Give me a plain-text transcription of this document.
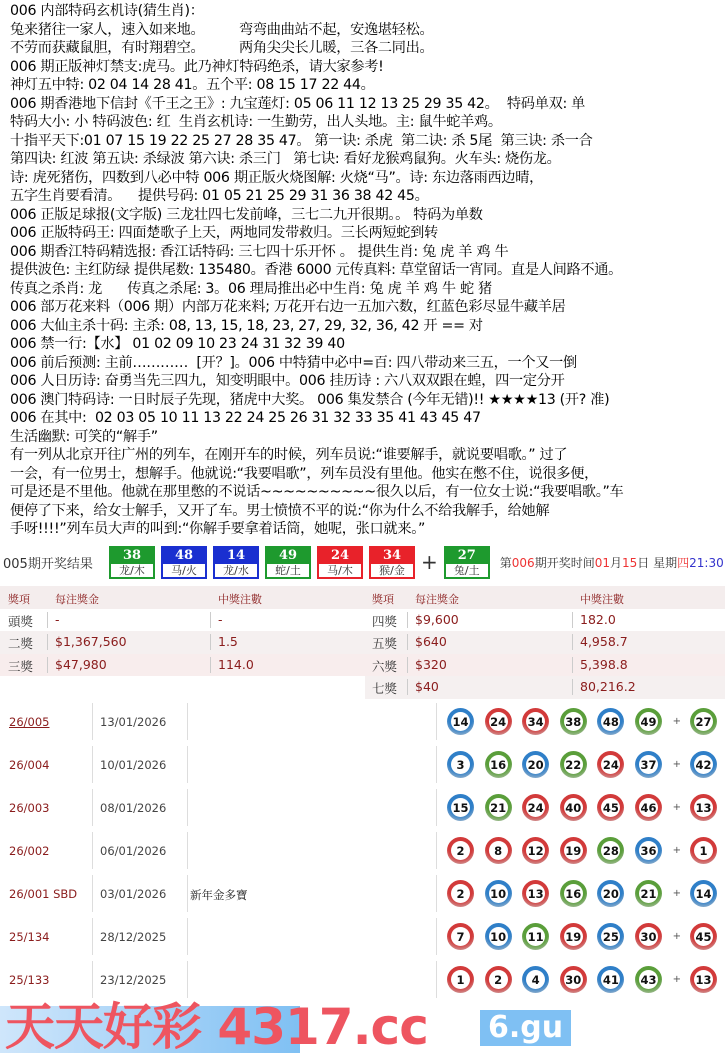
006 内部特码玄机诗(猜生肖)：
兔来猪往一家人，速入如来地。　　　弯弯曲曲站不起，安逸堪轻松。
不劳而获藏鼠胆，有时翔碧空。　　　两角尖尖长儿暖，三各二同出。
006 期正版神灯禁支:虎马。此乃神灯特码绝杀，请大家参考!
神灯五中特: 02 04 14 28 41。五个平: 08 15 17 22 44。
006 期香港地下信封《千王之王》: 九宝莲灯: 05 06 11 12 13 25 29 35 42。  特码单双: 单
特码大小: 小 特码波色: 红  生肖玄机诗: 一生勤劳，出人头地。主: 鼠牛蛇羊鸡。
十指平天下:01 07 15 19 22 25 27 28 35 47。 第一诀: 杀虎  第二诀: 杀 5尾  第三诀: 杀一合
第四诀: 红波 第五诀: 杀绿波 第六诀: 杀三门   第七诀: 看好龙猴鸡鼠狗。火车头: 烧伤龙。
诗: 虎死猪伤，四数到八必中特 006 期正版火烧图解: 火烧“马”。诗: 东边落雨西边晴，
五字生肖要看清。    提供号码: 01 05 21 25 29 31 36 38 42 45。
006 正版足球报(文字版) 三龙壮四七发前峰，三七二九开很期。。 特码为单数
006 正版特码王: 四面楚歌子上天，两地同发带救归。三长两短蛇到转
006 期香江特码精选报: 香江话特码: 三七四十乐开怀 。 提供生肖: 兔 虎 羊 鸡 牛
提供波色: 主红防绿 提供尾数: 135480。香港 6000 元传真料: 草堂留话一宵同。直是人间路不通。
传真之杀肖: 龙      传真之杀尾: 3。06 理局推出必中生肖: 兔 虎 羊 鸡 牛 蛇 猪
006 部万花来料（006 期）内部万花来料; 万花开右边一五加六数，红蓝色彩尽显牛藏羊居
006 大仙主杀十码: 主杀: 08, 13, 15, 18, 23, 27, 29, 32, 36, 42 开 == 对
006 禁一行:【水】 01 02 09 10 23 24 31 32 39 40
006 前后预测: 主前…………  [开？]。006 中特猜中必中=百: 四八带动来三五，一个又一倒
006 人日历诗: 奋勇当先三四九，知变明眼中。006 挂历诗 : 六八双双跟在蝗，四一定分开
006 澳门特码诗: 一日时辰子先现，猪虎中大奖。 006 集发禁合 (今年无错)!! ★★★★13 (开? 准)
006 在其中:  02 03 05 10 11 13 22 24 25 26 31 32 33 35 41 43 45 47
生活幽默: 可笑的“解手”
有一列从北京开往广州的列车，在刚开车的时候，列车员说:“谁要解手，就说要唱歌。” 过了
一会，有一位男士，想解手。他就说:“我要唱歌”，列车员没有里他。他实在憋不住，说很多便，
可是还是不里他。他就在那里憋的不说话~~~~~~~~~~很久以后，有一位女士说:“我要唱歌。”车
便停了下来，给女士解手，又开了车。男士愤愤不平的说:“你为什么不给我解手，给她解
手呀!!!!”列车员大声的叫到:“你解手要拿着话筒，她呢，张口就来。”
005期开奖结果
38
龙/木
48
马/火
14
龙/水
49
蛇/土
24
马/木
34
猴/金 +	27
兔/土
第006期开奖时间01月15日 星期四21:30
獎項 每注獎金	中獎注數	獎項 每注獎金	中獎注數
頭獎 -	-	四獎 $9,600	182.0
二獎 $1,367,560	1.5	五獎 $640	4,958.7
三獎 $47,980	114.0	六獎 $320	5,398.8
七獎 $40	80,216.2
26/005	13/01/2026	14 24 34 38 48 49 + 27
26/004	10/01/2026	3	16 20 22 24 37 + 42
26/003	08/01/2026	15 21 24 40 45 46 + 13
26/002	06/01/2026	2	8	12 19 28 36 +	1
26/001 SBD 03/01/2026 新年金多寶	2	10 13 16 20 21 + 14
25/134	28/12/2025	7	10 11 19 25 30 + 45
25/133	23/12/2025	1	2	4	30 41 43 + 13
天天好彩 4317.cc 6.gu
